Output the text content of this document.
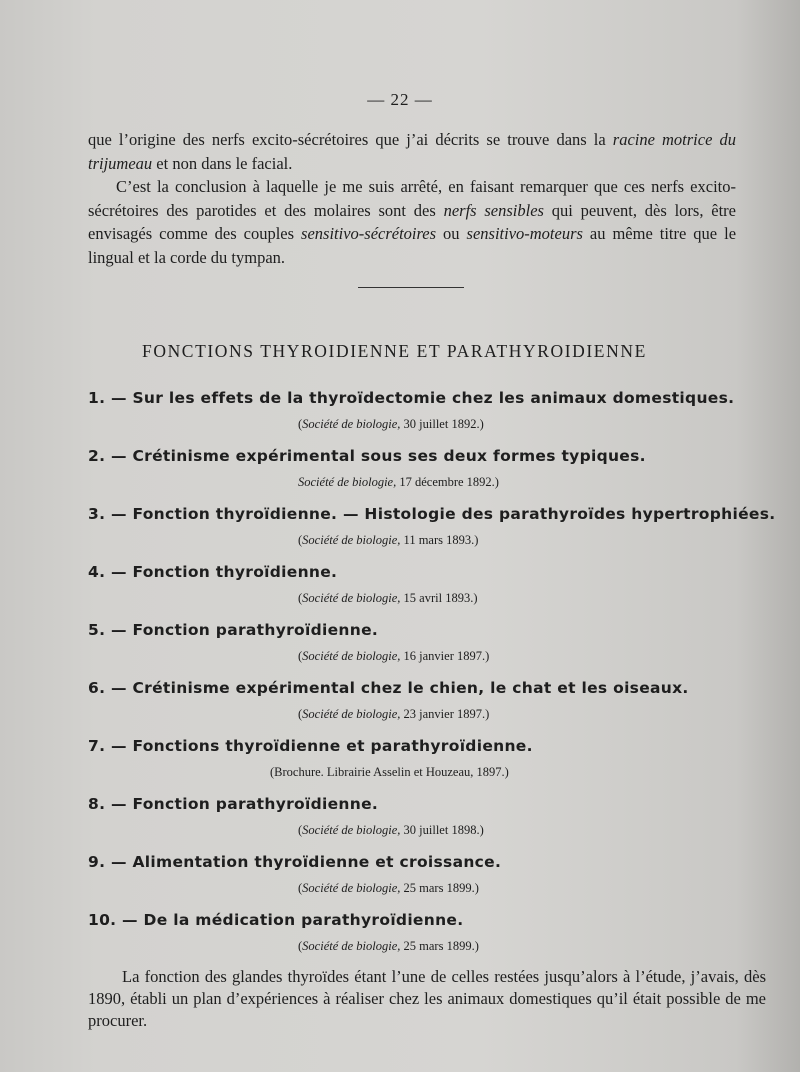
— 22 —

que l’origine des nerfs excito-sécrétoires que j’ai décrits se trouve dans la racine motrice du trijumeau et non dans le facial.

C’est la conclusion à laquelle je me suis arrêté, en faisant remarquer que ces nerfs excito-sécrétoires des parotides et des molaires sont des nerfs sensibles qui peuvent, dès lors, être envisagés comme des couples sensitivo-sécrétoires ou sensitivo-moteurs au même titre que le lingual et la corde du tympan.

FONCTIONS THYROIDIENNE ET PARATHYROIDIENNE
1. — Sur les effets de la thyroïdectomie chez les animaux domestiques.
(Société de biologie, 30 juillet 1892.)
2. — Crétinisme expérimental sous ses deux formes typiques.
Société de biologie, 17 décembre 1892.)
3. — Fonction thyroïdienne. — Histologie des parathyroïdes hypertrophiées.
(Société de biologie, 11 mars 1893.)
4. — Fonction thyroïdienne.
(Société de biologie, 15 avril 1893.)
5. — Fonction parathyroïdienne.
(Société de biologie, 16 janvier 1897.)
6. — Crétinisme expérimental chez le chien, le chat et les oiseaux.
(Société de biologie, 23 janvier 1897.)
7. — Fonctions thyroïdienne et parathyroïdienne.
(Brochure. Librairie Asselin et Houzeau, 1897.)
8. — Fonction parathyroïdienne.
(Société de biologie, 30 juillet 1898.)
9. — Alimentation thyroïdienne et croissance.
(Société de biologie, 25 mars 1899.)
10. — De la médication parathyroïdienne.
(Société de biologie, 25 mars 1899.)

La fonction des glandes thyroïdes étant l’une de celles restées jusqu’alors à l’étude, j’avais, dès 1890, établi un plan d’expériences à réaliser chez les animaux domestiques qu’il était possible de me procurer.
